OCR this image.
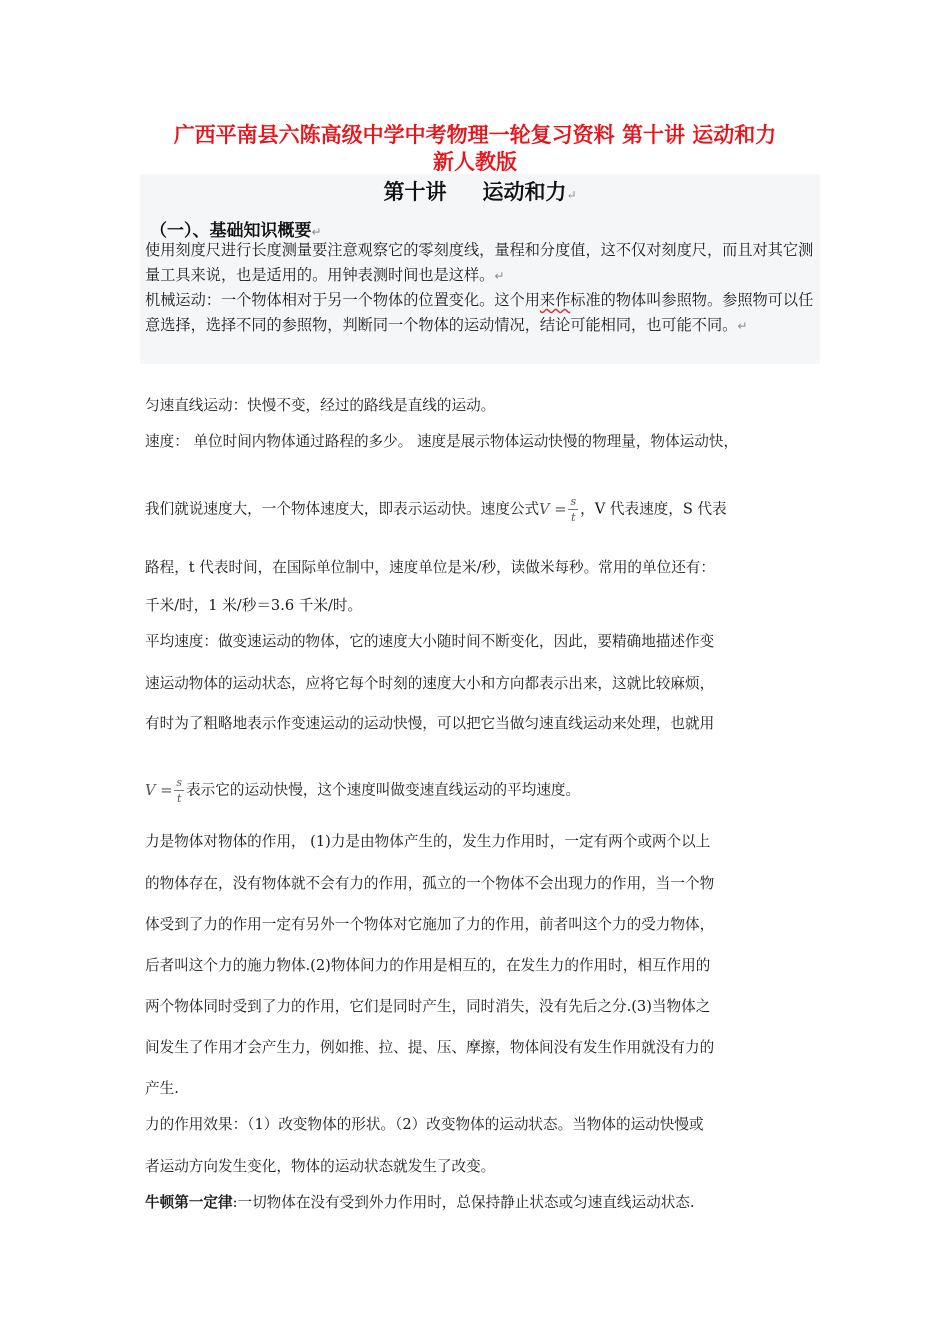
广西平南县六陈高级中学中考物理一轮复习资料 第十讲 运动和力
新人教版
第十讲 运动和力↵
（一）、基础知识概要↵
使用刻度尺进行长度测量要注意观察它的零刻度线，量程和分度值，这不仅对刻度尺，而且对其它测量工具来说，也是适用的。用钟表测时间也是这样。↵
机械运动：一个物体相对于另一个物体的位置变化。这个用来作标准的物体叫参照物。参照物可以任意选择，选择不同的参照物，判断同一个物体的运动情况，结论可能相同，也可能不同。↵
匀速直线运动：快慢不变，经过的路线是直线的运动。
速度： 单位时间内物体通过路程的多少。 速度是展示物体运动快慢的物理量，物体运动快，
我们就说速度大，一个物体速度大，即表示运动快。速度公式$V = \frac{s}{t}$ ，V 代表速度，S 代表
路程，t 代表时间，在国际单位制中，速度单位是米/秒，读做米每秒。常用的单位还有：
千米/时，1 米/秒＝3.6 千米/时。
平均速度：做变速运动的物体，它的速度大小随时间不断变化，因此，要精确地描述作变
速运动物体的运动状态，应将它每个时刻的速度大小和方向都表示出来，这就比较麻烦，
有时为了粗略地表示作变速运动的运动快慢，可以把它当做匀速直线运动来处理，也就用
$V = \frac{s}{t}$ 表示它的运动快慢，这个速度叫做变速直线运动的平均速度。
力是物体对物体的作用， (1)力是由物体产生的，发生力作用时，一定有两个或两个以上
的物体存在，没有物体就不会有力的作用，孤立的一个物体不会出现力的作用，当一个物
体受到了力的作用一定有另外一个物体对它施加了力的作用，前者叫这个力的受力物体，
后者叫这个力的施力物体.(2)物体间力的作用是相互的，在发生力的作用时，相互作用的
两个物体同时受到了力的作用，它们是同时产生，同时消失，没有先后之分.(3)当物体之
间发生了作用才会产生力，例如推、拉、提、压、摩擦，物体间没有发生作用就没有力的
产生.
力的作用效果：（1）改变物体的形状。（2）改变物体的运动状态。当物体的运动快慢或
者运动方向发生变化，物体的运动状态就发生了改变。
牛顿第一定律:一切物体在没有受到外力作用时，总保持静止状态或匀速直线运动状态.
